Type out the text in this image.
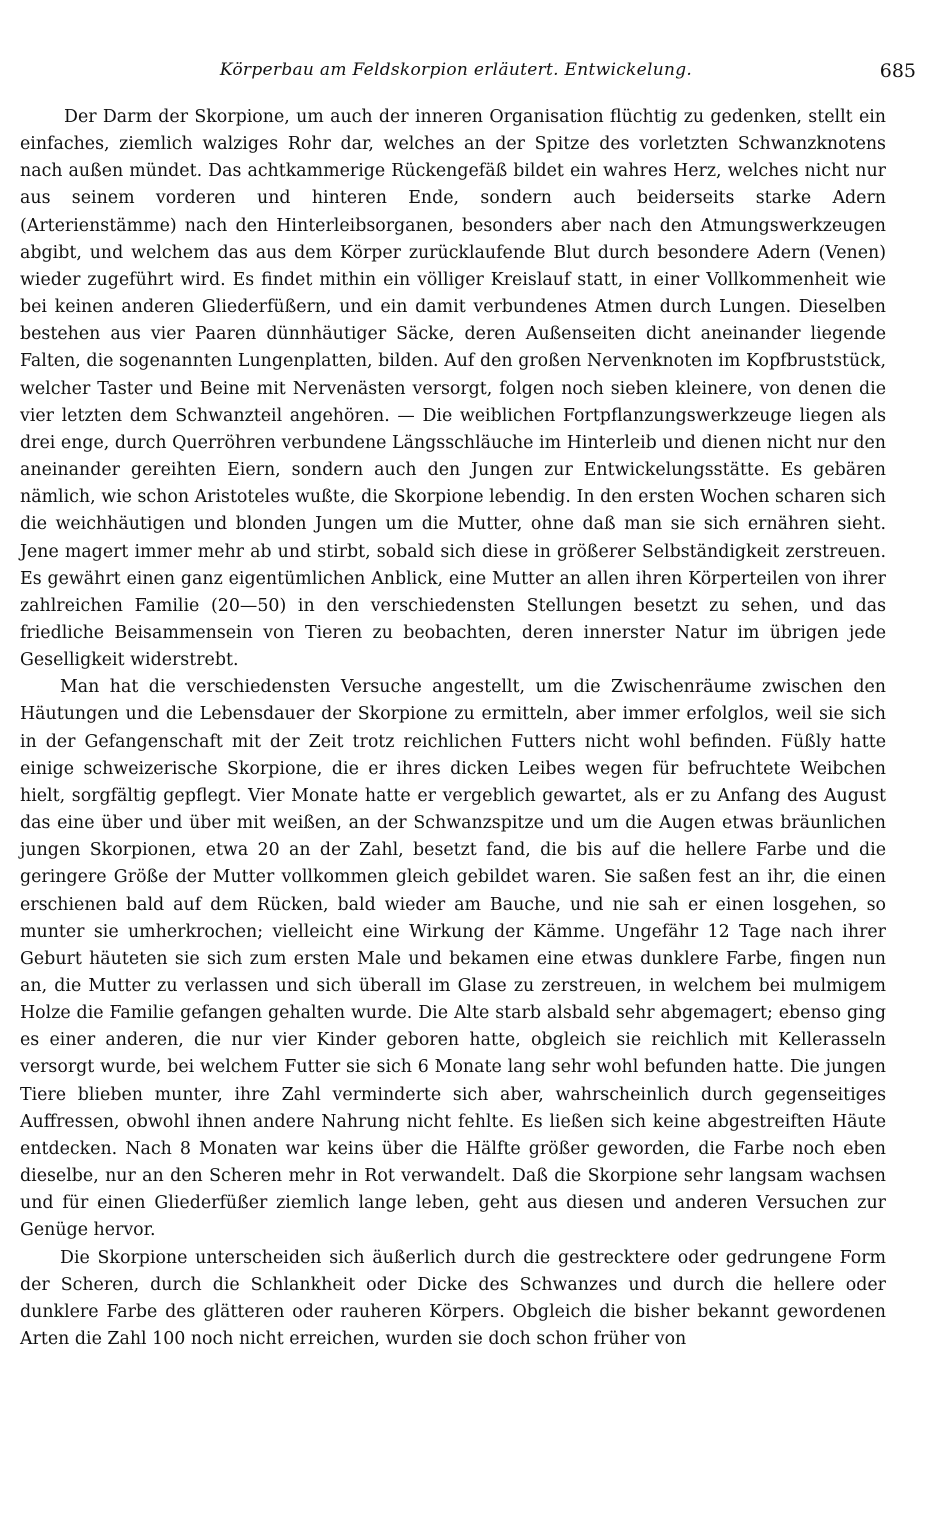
Körperbau am Feldskorpion erläutert. Entwickelung.	685

Der Darm der Skorpione, um auch der inneren Organisation flüchtig zu gedenken, stellt ein einfaches, ziemlich walziges Rohr dar, welches an der Spitze des vorletzten Schwanzknotens nach außen mündet. Das achtkammerige Rückengefäß bildet ein wahres Herz, welches nicht nur aus seinem vorderen und hinteren Ende, sondern auch beiderseits starke Adern (Arterienstämme) nach den Hinterleibsorganen, besonders aber nach den Atmungswerkzeugen abgibt, und welchem das aus dem Körper zurücklaufende Blut durch besondere Adern (Venen) wieder zugeführt wird. Es findet mithin ein völliger Kreislauf statt, in einer Vollkommenheit wie bei keinen anderen Gliederfüßern, und ein damit verbundenes Atmen durch Lungen. Dieselben bestehen aus vier Paaren dünnhäutiger Säcke, deren Außenseiten dicht aneinander liegende Falten, die sogenannten Lungenplatten, bilden. Auf den großen Nervenknoten im Kopfbruststück, welcher Taster und Beine mit Nervenästen versorgt, folgen noch sieben kleinere, von denen die vier letzten dem Schwanzteil angehören. — Die weiblichen Fortpflanzungswerkzeuge liegen als drei enge, durch Querröhren verbundene Längsschläuche im Hinterleib und dienen nicht nur den aneinander gereihten Eiern, sondern auch den Jungen zur Entwickelungsstätte. Es gebären nämlich, wie schon Aristoteles wußte, die Skorpione lebendig. In den ersten Wochen scharen sich die weichhäutigen und blonden Jungen um die Mutter, ohne daß man sie sich ernähren sieht. Jene magert immer mehr ab und stirbt, sobald sich diese in größerer Selbständigkeit zerstreuen. Es gewährt einen ganz eigentümlichen Anblick, eine Mutter an allen ihren Körperteilen von ihrer zahlreichen Familie (20—50) in den verschiedensten Stellungen besetzt zu sehen, und das friedliche Beisammensein von Tieren zu beobachten, deren innerster Natur im übrigen jede Geselligkeit widerstrebt.

Man hat die verschiedensten Versuche angestellt, um die Zwischenräume zwischen den Häutungen und die Lebensdauer der Skorpione zu ermitteln, aber immer erfolglos, weil sie sich in der Gefangenschaft mit der Zeit trotz reichlichen Futters nicht wohl befinden. Füßly hatte einige schweizerische Skorpione, die er ihres dicken Leibes wegen für befruchtete Weibchen hielt, sorgfältig gepflegt. Vier Monate hatte er vergeblich gewartet, als er zu Anfang des August das eine über und über mit weißen, an der Schwanzspitze und um die Augen etwas bräunlichen jungen Skorpionen, etwa 20 an der Zahl, besetzt fand, die bis auf die hellere Farbe und die geringere Größe der Mutter vollkommen gleich gebildet waren. Sie saßen fest an ihr, die einen erschienen bald auf dem Rücken, bald wieder am Bauche, und nie sah er einen losgehen, so munter sie umherkrochen; vielleicht eine Wirkung der Kämme. Ungefähr 12 Tage nach ihrer Geburt häuteten sie sich zum ersten Male und bekamen eine etwas dunklere Farbe, fingen nun an, die Mutter zu verlassen und sich überall im Glase zu zerstreuen, in welchem bei mulmigem Holze die Familie gefangen gehalten wurde. Die Alte starb alsbald sehr abgemagert; ebenso ging es einer anderen, die nur vier Kinder geboren hatte, obgleich sie reichlich mit Kellerasseln versorgt wurde, bei welchem Futter sie sich 6 Monate lang sehr wohl befunden hatte. Die jungen Tiere blieben munter, ihre Zahl verminderte sich aber, wahrscheinlich durch gegenseitiges Auffressen, obwohl ihnen andere Nahrung nicht fehlte. Es ließen sich keine abgestreiften Häute entdecken. Nach 8 Monaten war keins über die Hälfte größer geworden, die Farbe noch eben dieselbe, nur an den Scheren mehr in Rot verwandelt. Daß die Skorpione sehr langsam wachsen und für einen Gliederfüßer ziemlich lange leben, geht aus diesen und anderen Versuchen zur Genüge hervor.

Die Skorpione unterscheiden sich äußerlich durch die gestrecktere oder gedrungene Form der Scheren, durch die Schlankheit oder Dicke des Schwanzes und durch die hellere oder dunklere Farbe des glätteren oder rauheren Körpers. Obgleich die bisher bekannt gewordenen Arten die Zahl 100 noch nicht erreichen, wurden sie doch schon früher von
